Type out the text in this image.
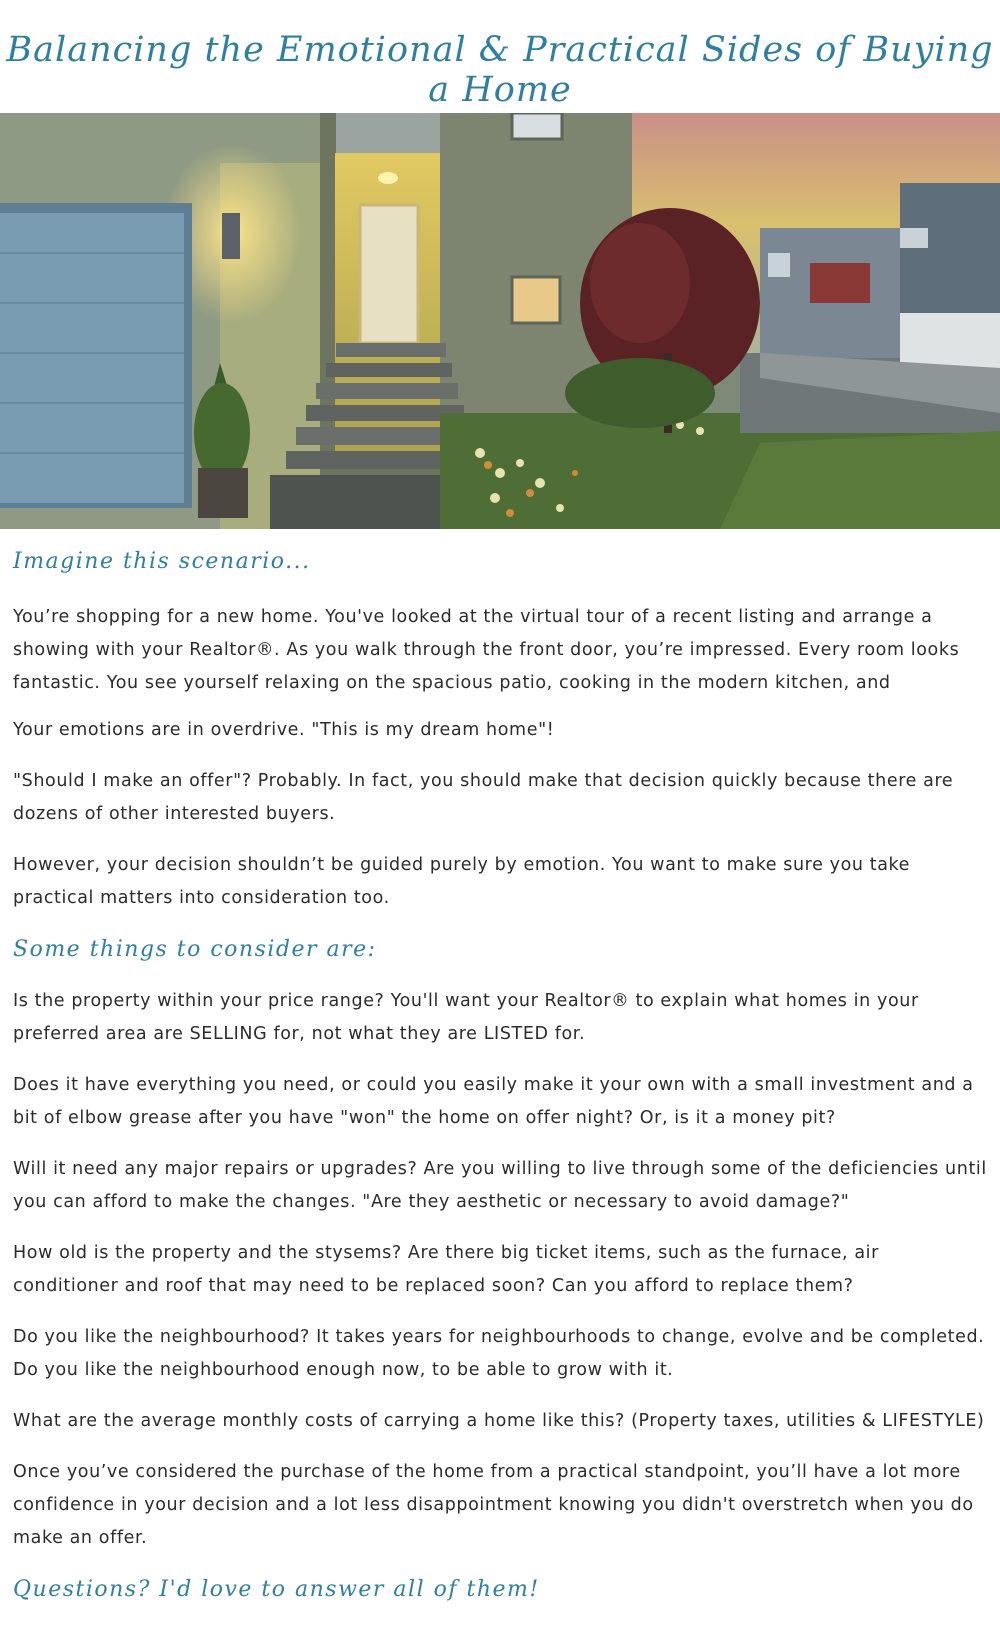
Balancing the Emotional & Practical Sides of Buying a Home
Imagine this scenario...

You’re shopping for a new home. You've looked at the virtual tour of a recent listing and arrange a showing with your Realtor®. As you walk through the front door, you’re impressed. Every room looks fantastic. You see yourself relaxing on the spacious patio, cooking in the modern kitchen, and

Your emotions are in overdrive. "This is my dream home"!

"Should I make an offer"? Probably. In fact, you should make that decision quickly because there are dozens of other interested buyers.

However, your decision shouldn’t be guided purely by emotion. You want to make sure you take practical matters into consideration too.

Some things to consider are:

Is the property within your price range? You'll want your Realtor® to explain what homes in your preferred area are SELLING for, not what they are LISTED for.

Does it have everything you need, or could you easily make it your own with a small investment and a bit of elbow grease after you have "won" the home on offer night? Or, is it a money pit?

Will it need any major repairs or upgrades? Are you willing to live through some of the deficiencies until you can afford to make the changes. "Are they aesthetic or necessary to avoid damage?"

How old is the property and the stysems? Are there big ticket items, such as the furnace, air conditioner and roof that may need to be replaced soon? Can you afford to replace them?

Do you like the neighbourhood? It takes years for neighbourhoods to change, evolve and be completed. Do you like the neighbourhood enough now, to be able to grow with it.

What are the average monthly costs of carrying a home like this? (Property taxes, utilities & LIFESTYLE)

Once you’ve considered the purchase of the home from a practical standpoint, you’ll have a lot more confidence in your decision and a lot less disappointment knowing you didn't overstretch when you do make an offer.

Questions? I'd love to answer all of them!
